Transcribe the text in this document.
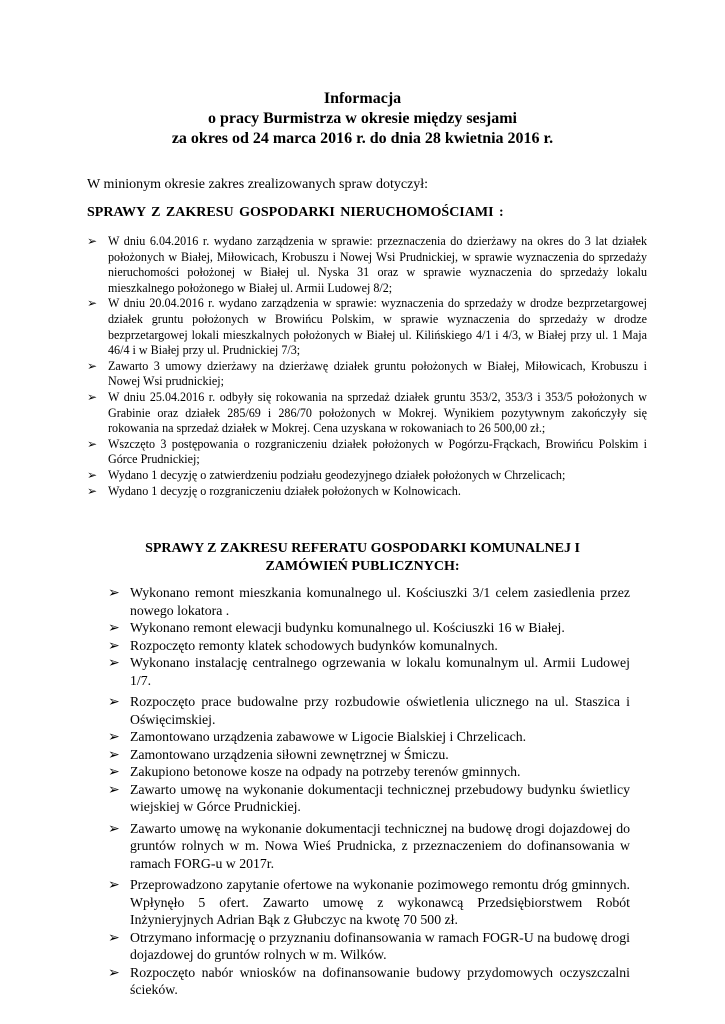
Informacja
o pracy Burmistrza w okresie między sesjami
za okres od 24 marca 2016 r. do dnia 28 kwietnia 2016 r.
W minionym okresie zakres zrealizowanych spraw dotyczył:
SPRAWY Z ZAKRESU GOSPODARKI NIERUCHOMOŚCIAMI :
➢ W dniu 6.04.2016 r. wydano zarządzenia w sprawie: przeznaczenia do dzierżawy na okres do 3 lat działek położonych w Białej, Miłowicach, Krobuszu i Nowej Wsi Prudnickiej, w sprawie wyznaczenia do sprzedaży nieruchomości położonej w Białej ul. Nyska 31 oraz w sprawie wyznaczenia do sprzedaży lokalu mieszkalnego położonego w Białej ul. Armii Ludowej 8/2;
➢ W dniu 20.04.2016 r. wydano zarządzenia w sprawie: wyznaczenia do sprzedaży w drodze bezprzetargowej działek gruntu położonych w Browińcu Polskim, w sprawie wyznaczenia do sprzedaży w drodze bezprzetargowej lokali mieszkalnych położonych w Białej ul. Kilińskiego 4/1 i 4/3, w Białej przy ul. 1 Maja 46/4 i w Białej przy ul. Prudnickiej 7/3;
➢ Zawarto 3 umowy dzierżawy na dzierżawę działek gruntu położonych w Białej, Miłowicach, Krobuszu i Nowej Wsi prudnickiej;
➢ W dniu 25.04.2016 r. odbyły się rokowania na sprzedaż działek gruntu 353/2, 353/3 i 353/5 położonych w Grabinie oraz działek 285/69 i 286/70 położonych w Mokrej. Wynikiem pozytywnym zakończyły się rokowania na sprzedaż działek w Mokrej. Cena uzyskana w rokowaniach to 26 500,00 zł.;
➢ Wszczęto 3 postępowania o rozgraniczeniu działek położonych w Pogórzu-Frąckach, Browińcu Polskim i Górce Prudnickiej;
➢ Wydano 1 decyzję o zatwierdzeniu podziału geodezyjnego działek położonych w Chrzelicach;
➢ Wydano 1 decyzję o rozgraniczeniu działek położonych w Kolnowicach.
SPRAWY Z ZAKRESU REFERATU GOSPODARKI KOMUNALNEJ I
ZAMÓWIEŃ PUBLICZNYCH:
➢ Wykonano remont mieszkania komunalnego ul. Kościuszki 3/1 celem zasiedlenia przez nowego lokatora .
➢ Wykonano remont elewacji budynku komunalnego ul. Kościuszki 16 w Białej.
➢ Rozpoczęto remonty klatek schodowych budynków komunalnych.
➢ Wykonano instalację centralnego ogrzewania w lokalu komunalnym ul. Armii Ludowej 1/7.
➢ Rozpoczęto prace budowalne przy rozbudowie oświetlenia ulicznego na ul. Staszica i Oświęcimskiej.
➢ Zamontowano urządzenia zabawowe w Ligocie Bialskiej i Chrzelicach.
➢ Zamontowano urządzenia siłowni zewnętrznej w Śmiczu.
➢ Zakupiono betonowe kosze na odpady na potrzeby terenów gminnych.
➢ Zawarto umowę na wykonanie dokumentacji technicznej przebudowy budynku świetlicy wiejskiej w Górce Prudnickiej.
➢ Zawarto umowę na wykonanie dokumentacji technicznej na budowę drogi dojazdowej do gruntów rolnych w m. Nowa Wieś Prudnicka, z przeznaczeniem do dofinansowania w ramach FORG-u w 2017r.
➢ Przeprowadzono zapytanie ofertowe na wykonanie pozimowego remontu dróg gminnych. Wpłynęło 5 ofert. Zawarto umowę z wykonawcą Przedsiębiorstwem Robót Inżynieryjnych Adrian Bąk z Głubczyc na kwotę 70 500 zł.
➢ Otrzymano informację o przyznaniu dofinansowania w ramach FOGR-U na budowę drogi dojazdowej do gruntów rolnych w m. Wilków.
➢ Rozpoczęto nabór wniosków na dofinansowanie budowy przydomowych oczyszczalni ścieków.
